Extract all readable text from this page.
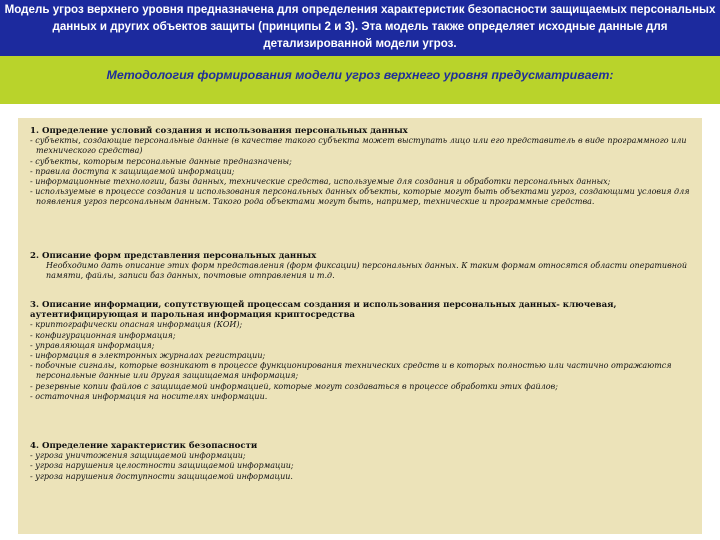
Модель угроз верхнего уровня предназначена для определения характеристик безопасности защищаемых персональных данных и других объектов защиты (принципы 2 и 3). Эта модель также определяет исходные данные для детализированной модели угроз.
Методология формирования модели угроз верхнего уровня предусматривает:
1. Определение условий создания и использования персональных данных
- субъекты, создающие персональные данные (в качестве такого субъекта может выступать лицо или его представитель в виде программного или технического средства)
- субъекты, которым персональные данные предназначены;
- правила доступа к защищаемой информации;
- информационные технологии, базы данных, технические средства, используемые для создания и обработки персональных данных;
- используемые в процессе создания и использования персональных данных объекты, которые могут быть объектами угроз, создающими условия для появления угроз персональным данным. Такого рода объектами могут быть, например, технические и программные средства.
2. Описание форм представления персональных данных
Необходимо дать описание этих форм представления (форм фиксации) персональных данных. К таким формам относятся области оперативной памяти, файлы, записи баз данных, почтовые отправления и т.д.
3. Описание информации, сопутствующей процессам создания и использования персональных данных- ключевая, аутентифицирующая и парольная информация криптосредства
- криптографически опасная информация (КОИ);
- конфигурационная информация;
- управляющая информация;
- информация в электронных журналах регистрации;
- побочные сигналы, которые возникают в процессе функционирования технических средств и в которых полностью или частично отражаются персональные данные или другая защищаемая информация;
- резервные копии файлов с защищаемой информацией, которые могут создаваться в процессе обработки этих файлов;
- остаточная информация на носителях информации.
4. Определение характеристик безопасности
- угроза уничтожения защищаемой информации;
- угроза нарушения целостности защищаемой информации;
- угроза нарушения доступности защищаемой информации.
